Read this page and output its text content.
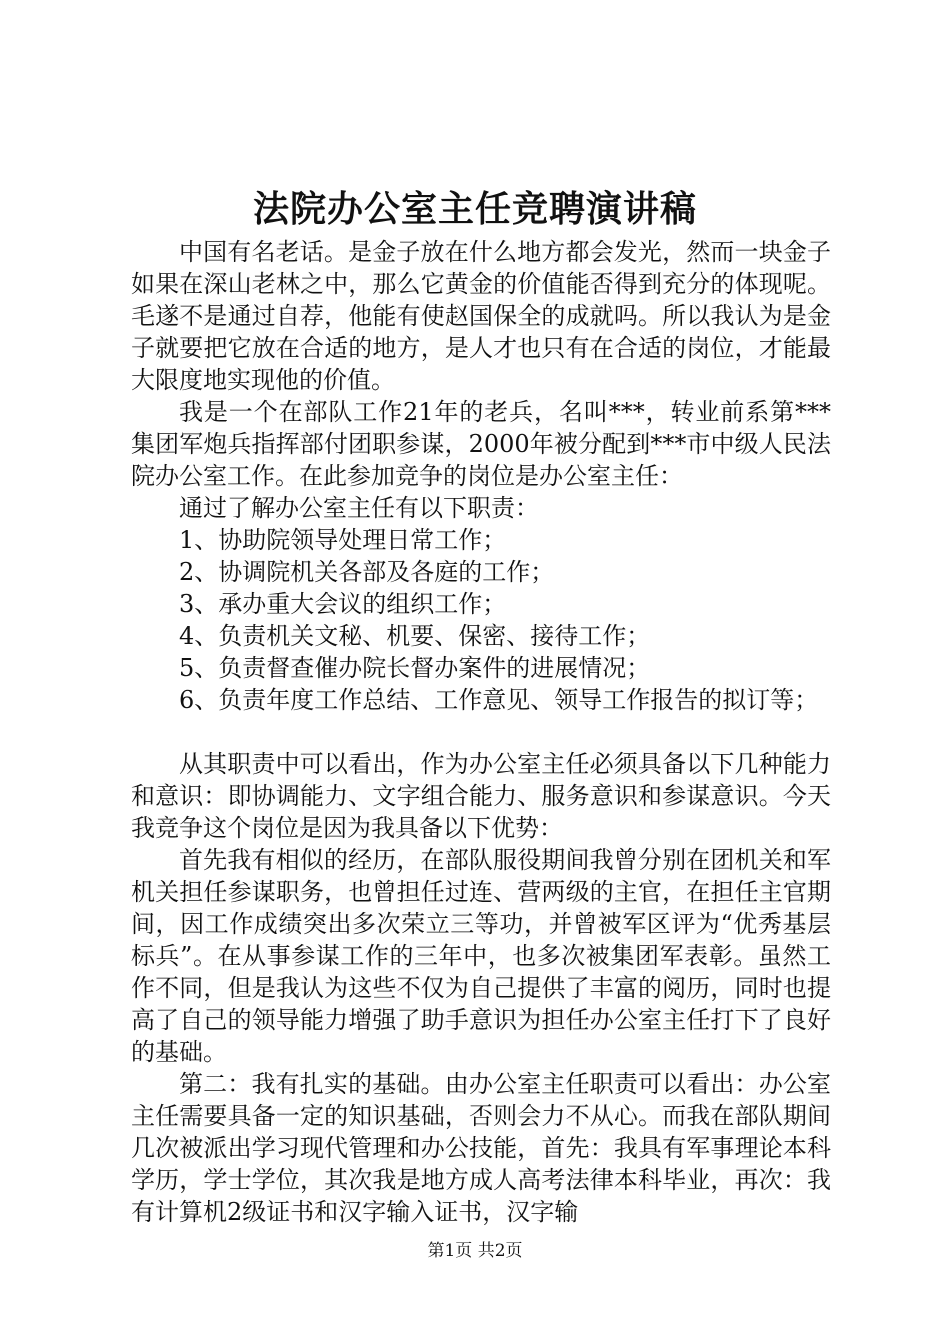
法院办公室主任竞聘演讲稿

中国有名老话。是金子放在什么地方都会发光，然而一块金子如果在深山老林之中，那么它黄金的价值能否得到充分的体现呢。毛遂不是通过自荐，他能有使赵国保全的成就吗。所以我认为是金子就要把它放在合适的地方，是人才也只有在合适的岗位，才能最大限度地实现他的价值。

我是一个在部队工作21年的老兵，名叫***，转业前系第***集团军炮兵指挥部付团职参谋，2000年被分配到***市中级人民法院办公室工作。在此参加竞争的岗位是办公室主任：

通过了解办公室主任有以下职责：

1、协助院领导处理日常工作；

2、协调院机关各部及各庭的工作；

3、承办重大会议的组织工作；

4、负责机关文秘、机要、保密、接待工作；

5、负责督查催办院长督办案件的进展情况；

6、负责年度工作总结、工作意见、领导工作报告的拟订等；

从其职责中可以看出，作为办公室主任必须具备以下几种能力和意识：即协调能力、文字组合能力、服务意识和参谋意识。今天我竞争这个岗位是因为我具备以下优势：

首先我有相似的经历，在部队服役期间我曾分别在团机关和军机关担任参谋职务，也曾担任过连、营两级的主官，在担任主官期间，因工作成绩突出多次荣立三等功，并曾被军区评为“优秀基层标兵”。在从事参谋工作的三年中，也多次被集团军表彰。虽然工作不同，但是我认为这些不仅为自己提供了丰富的阅历，同时也提高了自己的领导能力增强了助手意识为担任办公室主任打下了良好的基础。

第二：我有扎实的基础。由办公室主任职责可以看出：办公室主任需要具备一定的知识基础，否则会力不从心。而我在部队期间几次被派出学习现代管理和办公技能，首先：我具有军事理论本科学历，学士学位，其次我是地方成人高考法律本科毕业，再次：我有计算机2级证书和汉字输入证书，汉字输

第1页 共2页
